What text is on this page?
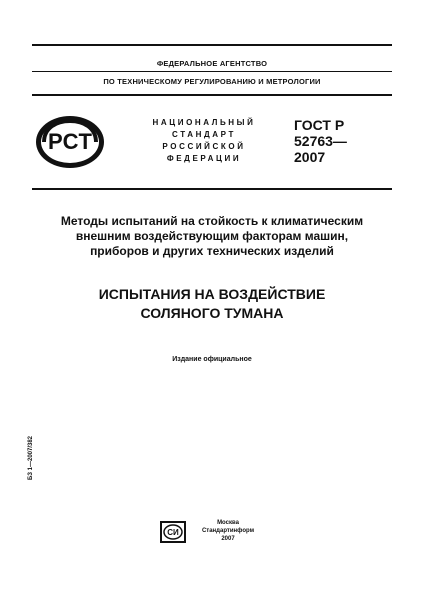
ФЕДЕРАЛЬНОЕ АГЕНТСТВО
ПО ТЕХНИЧЕСКОМУ РЕГУЛИРОВАНИЮ И МЕТРОЛОГИИ
PCT
НАЦИОНАЛЬНЫЙ
СТАНДАРТ
РОССИЙСКОЙ
ФЕДЕРАЦИИ
ГОСТ Р
52763—
2007
Методы испытаний на стойкость к климатическим
внешним воздействующим факторам машин,
приборов и других технических изделий
ИСПЫТАНИЯ НА ВОЗДЕЙСТВИЕ
СОЛЯНОГО ТУМАНА
Издание официальное
БЗ 1—2007/382
СИ
Москва
Стандартинформ
2007
